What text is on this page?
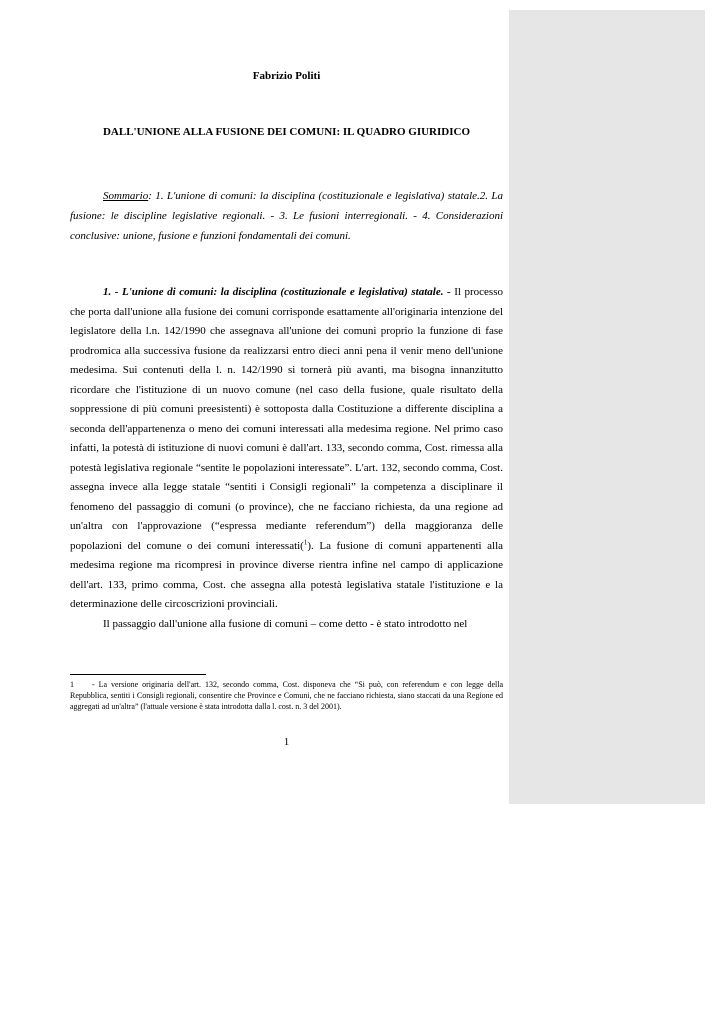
Fabrizio Politi
DALL'UNIONE ALLA FUSIONE DEI COMUNI: IL QUADRO GIURIDICO
Sommario: 1. L'unione di comuni: la disciplina (costituzionale e legislativa) statale.2. La fusione: le discipline legislative regionali. - 3. Le fusioni interregionali. - 4. Considerazioni conclusive: unione, fusione e funzioni fondamentali dei comuni.

1. - L'unione di comuni: la disciplina (costituzionale e legislativa) statale. - Il processo che porta dall'unione alla fusione dei comuni corrisponde esattamente all'originaria intenzione del legislatore della l.n. 142/1990 che assegnava all'unione dei comuni proprio la funzione di fase prodromica alla successiva fusione da realizzarsi entro dieci anni pena il venir meno dell'unione medesima. Sui contenuti della l. n. 142/1990 si tornerà più avanti, ma bisogna innanzitutto ricordare che l'istituzione di un nuovo comune (nel caso della fusione, quale risultato della soppressione di più comuni preesistenti) è sottoposta dalla Costituzione a differente disciplina a seconda dell'appartenenza o meno dei comuni interessati alla medesima regione. Nel primo caso infatti, la potestà di istituzione di nuovi comuni è dall'art. 133, secondo comma, Cost. rimessa alla potestà legislativa regionale “sentite le popolazioni interessate”. L'art. 132, secondo comma, Cost. assegna invece alla legge statale “sentiti i Consigli regionali” la competenza a disciplinare il fenomeno del passaggio di comuni (o province), che ne facciano richiesta, da una regione ad un'altra con l'approvazione (“espressa mediante referendum”) della maggioranza delle popolazioni del comune o dei comuni interessati($^1$). La fusione di comuni appartenenti alla medesima regione ma ricompresi in province diverse rientra infine nel campo di applicazione dell'art. 133, primo comma, Cost. che assegna alla potestà legislativa statale l'istituzione e la determinazione delle circoscrizioni provinciali.

Il passaggio dall'unione alla fusione di comuni – come detto - è stato introdotto nel

1 - La versione originaria dell'art. 132, secondo comma, Cost. disponeva che “Si può, con referendum e con legge della Repubblica, sentiti i Consigli regionali, consentire che Province e Comuni, che ne facciano richiesta, siano staccati da una Regione ed aggregati ad un'altra” (l'attuale versione è stata introdotta dalla l. cost. n. 3 del 2001).
1
